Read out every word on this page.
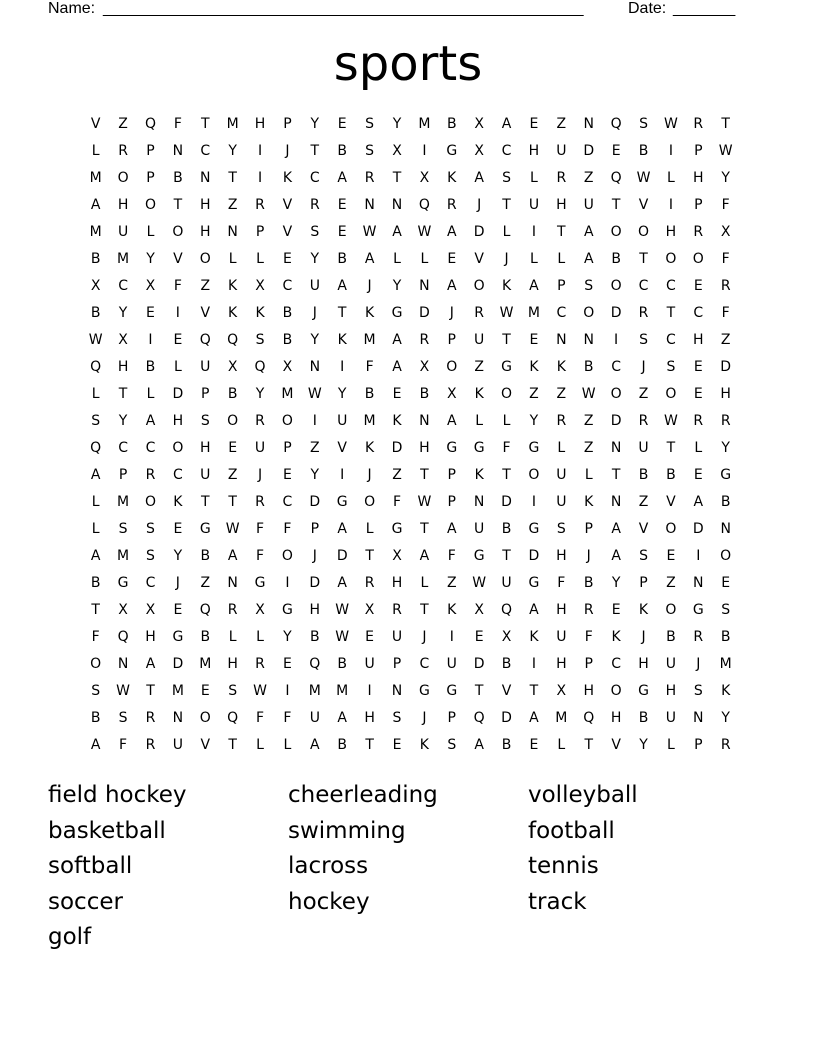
Name: ______________________________________________________	Date: _______
sports
V	Z	Q	F	T	M	H	P	Y	E	S	Y	M	B	X	A	E	Z	N	Q	S	W	R	T
L	R	P	N	C	Y	I	J	T	B	S	X	I	G	X	C	H	U	D	E	B	I	P	W
M	O	P	B	N	T	I	K	C	A	R	T	X	K	A	S	L	R	Z	Q	W	L	H	Y
A	H	O	T	H	Z	R	V	R	E	N	N	Q	R	J	T	U	H	U	T	V	I	P	F
M	U	L	O	H	N	P	V	S	E	W	A	W	A	D	L	I	T	A	O	O	H	R	X
B	M	Y	V	O	L	L	E	Y	B	A	L	L	E	V	J	L	L	A	B	T	O	O	F
X	C	X	F	Z	K	X	C	U	A	J	Y	N	A	O	K	A	P	S	O	C	C	E	R
B	Y	E	I	V	K	K	B	J	T	K	G	D	J	R	W	M	C	O	D	R	T	C	F
W	X	I	E	Q	Q	S	B	Y	K	M	A	R	P	U	T	E	N	N	I	S	C	H	Z
Q	H	B	L	U	X	Q	X	N	I	F	A	X	O	Z	G	K	K	B	C	J	S	E	D
L	T	L	D	P	B	Y	M	W	Y	B	E	B	X	K	O	Z	Z	W	O	Z	O	E	H
S	Y	A	H	S	O	R	O	I	U	M	K	N	A	L	L	Y	R	Z	D	R	W	R	R
Q	C	C	O	H	E	U	P	Z	V	K	D	H	G	G	F	G	L	Z	N	U	T	L	Y
A	P	R	C	U	Z	J	E	Y	I	J	Z	T	P	K	T	O	U	L	T	B	B	E	G
L	M	O	K	T	T	R	C	D	G	O	F	W	P	N	D	I	U	K	N	Z	V	A	B
L	S	S	E	G	W	F	F	P	A	L	G	T	A	U	B	G	S	P	A	V	O	D	N
A	M	S	Y	B	A	F	O	J	D	T	X	A	F	G	T	D	H	J	A	S	E	I	O
B	G	C	J	Z	N	G	I	D	A	R	H	L	Z	W	U	G	F	B	Y	P	Z	N	E
T	X	X	E	Q	R	X	G	H	W	X	R	T	K	X	Q	A	H	R	E	K	O	G	S
F	Q	H	G	B	L	L	Y	B	W	E	U	J	I	E	X	K	U	F	K	J	B	R	B
O	N	A	D	M	H	R	E	Q	B	U	P	C	U	D	B	I	H	P	C	H	U	J	M
S	W	T	M	E	S	W	I	M	M	I	N	G	G	T	V	T	X	H	O	G	H	S	K
B	S	R	N	O	Q	F	F	U	A	H	S	J	P	Q	D	A	M	Q	H	B	U	N	Y
A	F	R	U	V	T	L	L	A	B	T	E	K	S	A	B	E	L	T	V	Y	L	P	R
field hockey	cheerleading	volleyball
basketball	swimming	football
softball	lacross	tennis
soccer	hockey	track
golf
